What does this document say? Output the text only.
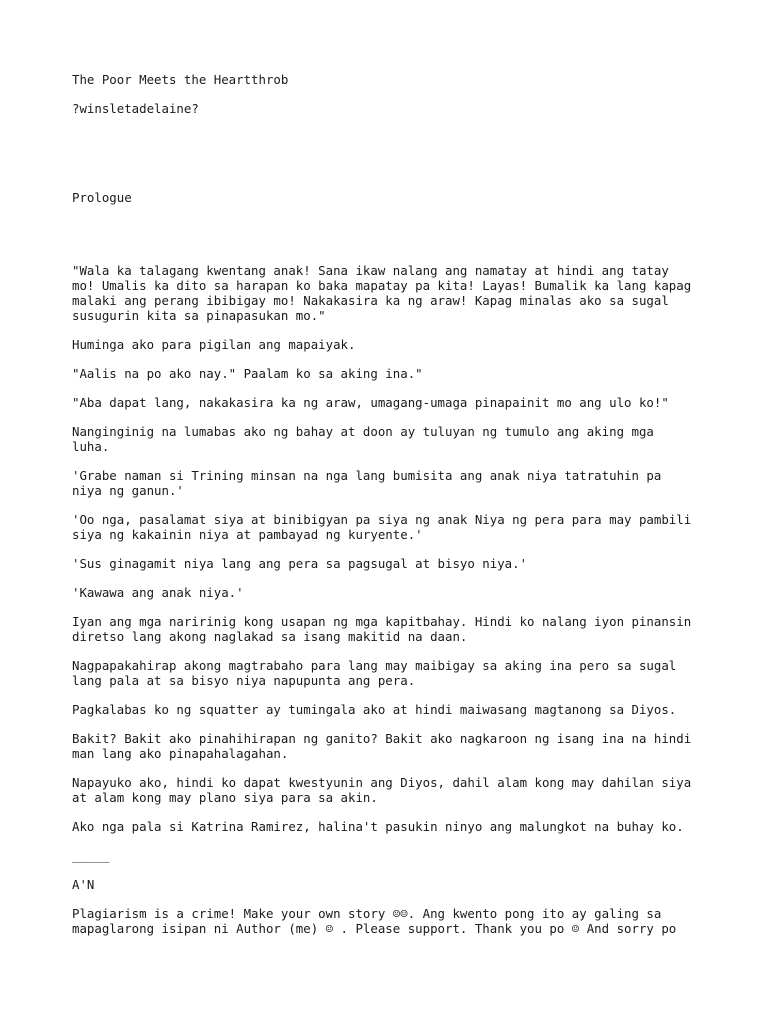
The Poor Meets the Heartthrob

?winsletadelaine?

Prologue

"Wala ka talagang kwentang anak! Sana ikaw nalang ang namatay at hindi ang tatay

mo! Umalis ka dito sa harapan ko baka mapatay pa kita! Layas! Bumalik ka lang kapag

malaki ang perang ibibigay mo! Nakakasira ka ng araw! Kapag minalas ako sa sugal

susugurin kita sa pinapasukan mo."

Huminga ako para pigilan ang mapaiyak.

"Aalis na po ako nay." Paalam ko sa aking ina."

"Aba dapat lang, nakakasira ka ng araw, umagang-umaga pinapainit mo ang ulo ko!"

Nanginginig na lumabas ako ng bahay at doon ay tuluyan ng tumulo ang aking mga

luha.

'Grabe naman si Trining minsan na nga lang bumisita ang anak niya tatratuhin pa

niya ng ganun.'

'Oo nga, pasalamat siya at binibigyan pa siya ng anak Niya ng pera para may pambili

siya ng kakainin niya at pambayad ng kuryente.'

'Sus ginagamit niya lang ang pera sa pagsugal at bisyo niya.'

'Kawawa ang anak niya.'

Iyan ang mga naririnig kong usapan ng mga kapitbahay. Hindi ko nalang iyon pinansin

diretso lang akong naglakad sa isang makitid na daan.

Nagpapakahirap akong magtrabaho para lang may maibigay sa aking ina pero sa sugal

lang pala at sa bisyo niya napupunta ang pera.

Pagkalabas ko ng squatter ay tumingala ako at hindi maiwasang magtanong sa Diyos.

Bakit? Bakit ako pinahihirapan ng ganito? Bakit ako nagkaroon ng isang ina na hindi

man lang ako pinapahalagahan.

Napayuko ako, hindi ko dapat kwestyunin ang Diyos, dahil alam kong may dahilan siya

at alam kong may plano siya para sa akin.

Ako nga pala si Katrina Ramirez, halina't pasukin ninyo ang malungkot na buhay ko.

_____

A'N

Plagiarism is a crime! Make your own story ☺☺. Ang kwento pong ito ay galing sa

mapaglarong isipan ni Author (me) ☺ . Please support. Thank you po ☺ And sorry po
